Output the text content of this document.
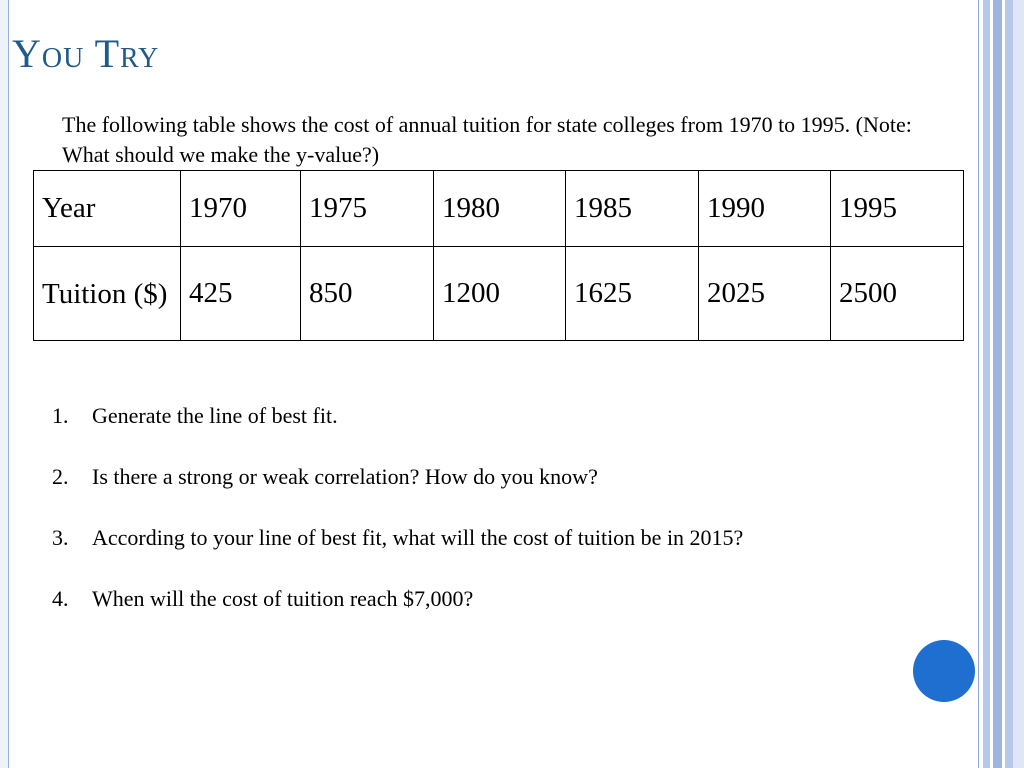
You Try

The following table shows the cost of annual tuition for state colleges from 1970 to 1995. (Note: What should we make the y-value?)

Year	1970	1975	1980	1985	1990	1995
Tuition ($)	425	850	1200	1625	2025	2500
1.	Generate the line of best fit.
2.	Is there a strong or weak correlation? How do you know?
3.	According to your line of best fit, what will the cost of tuition be in 2015?
4.	When will the cost of tuition reach $7,000?
